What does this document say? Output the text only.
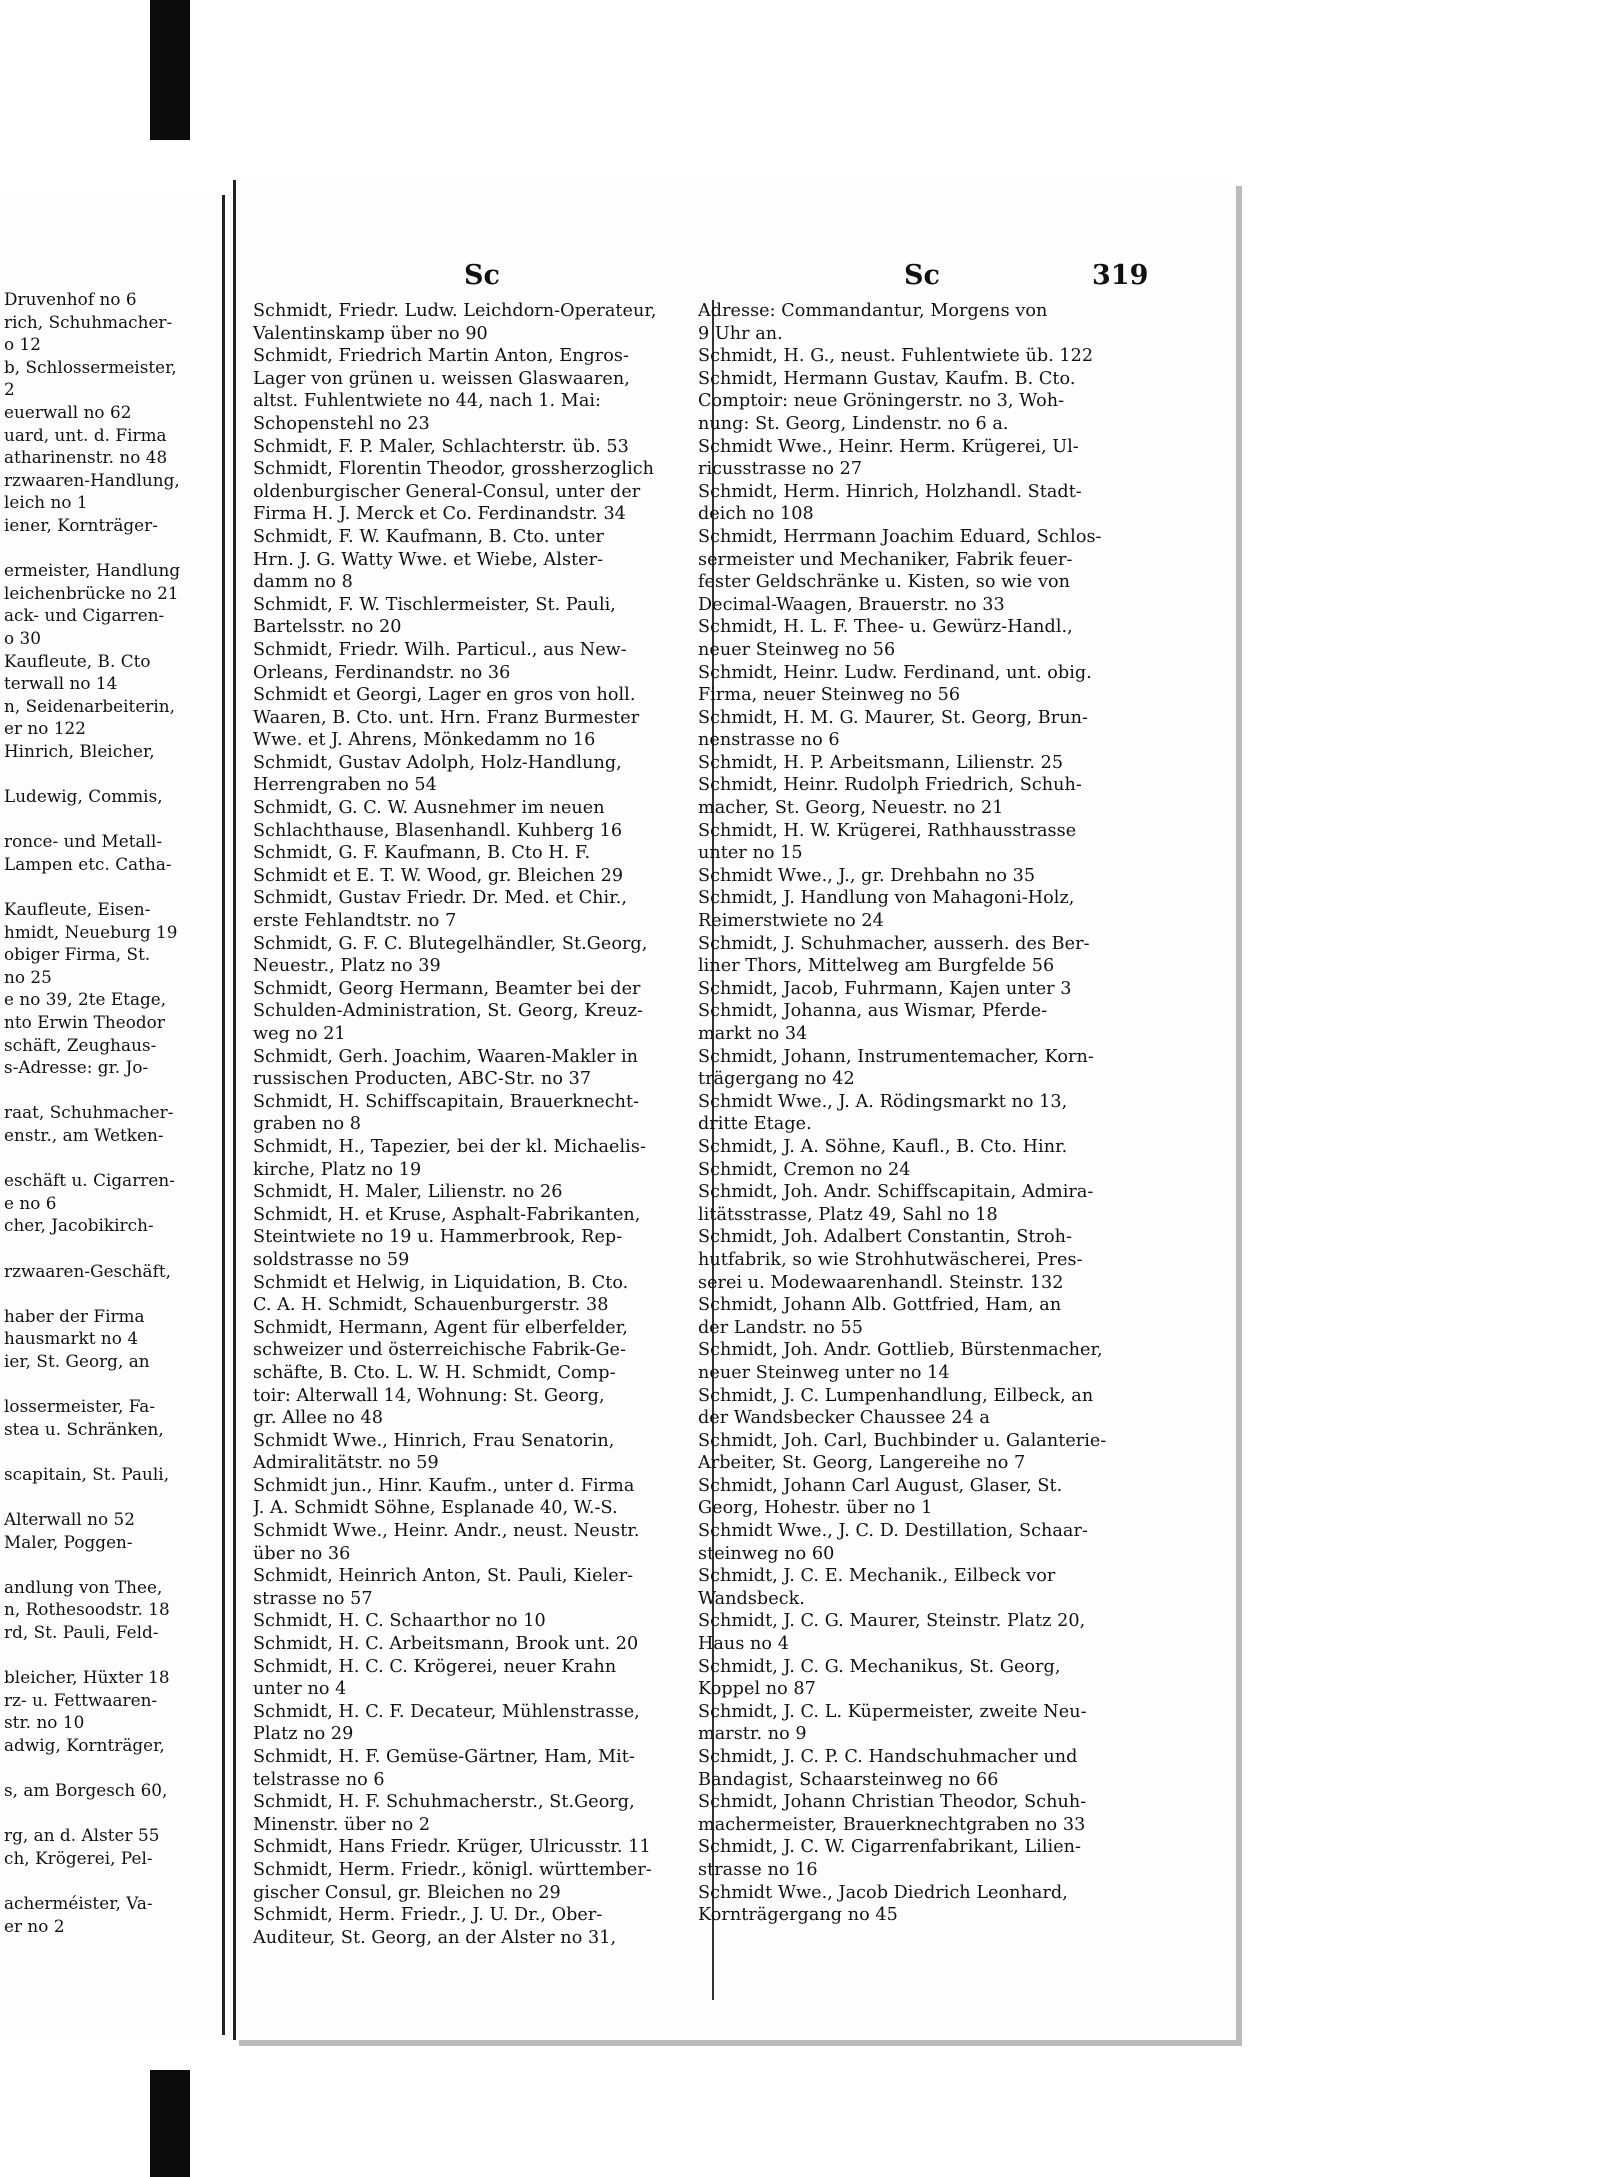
Druvenhof no 6
rich, Schuhmacher-
o 12
b, Schlossermeister,
2
euerwall no 62
uard, unt. d. Firma
atharinenstr. no 48
rzwaaren-Handlung,
leich no 1
iener, Kornträger-
ermeister, Handlung
leichenbrücke no 21
ack- und Cigarren-
o 30
Kaufleute, B. Cto
terwall no 14
n, Seidenarbeiterin,
er no 122
Hinrich, Bleicher,
Ludewig, Commis,
ronce- und Metall-
Lampen etc. Catha-
Kaufleute, Eisen-
hmidt, Neueburg 19
obiger Firma, St.
no 25
e no 39, 2te Etage,
nto Erwin Theodor
schäft, Zeughaus-
s-Adresse: gr. Jo-
raat, Schuhmacher-
enstr., am Wetken-
eschäft u. Cigarren-
e no 6
cher, Jacobikirch-
rzwaaren-Geschäft,
haber der Firma
hausmarkt no 4
ier, St. Georg, an
lossermeister, Fa-
stea u. Schränken,
scapitain, St. Pauli,
Alterwall no 52
Maler, Poggen-
andlung von Thee,
n, Rothesoodstr. 18
rd, St. Pauli, Feld-
bleicher, Hüxter 18
rz- u. Fettwaaren-
str. no 10
adwig, Kornträger,
s, am Borgesch 60,
rg, an d. Alster 55
ch, Krögerei, Pel-
acherméister, Va-
er no 2
Sc	Sc	319
Schmidt, Friedr. Ludw. Leichdorn-Operateur,
Valentinskamp über no 90
Schmidt, Friedrich Martin Anton, Engros-
Lager von grünen u. weissen Glaswaaren,
altst. Fuhlentwiete no 44, nach 1. Mai:
Schopenstehl no 23
Schmidt, F. P. Maler, Schlachterstr. üb. 53
Schmidt, Florentin Theodor, grossherzoglich
oldenburgischer General-Consul, unter der
Firma H. J. Merck et Co. Ferdinandstr. 34
Schmidt, F. W. Kaufmann, B. Cto. unter
Hrn. J. G. Watty Wwe. et Wiebe, Alster-
damm no 8
Schmidt, F. W. Tischlermeister, St. Pauli,
Bartelsstr. no 20
Schmidt, Friedr. Wilh. Particul., aus New-
Orleans, Ferdinandstr. no 36
Schmidt et Georgi, Lager en gros von holl.
Waaren, B. Cto. unt. Hrn. Franz Burmester
Wwe. et J. Ahrens, Mönkedamm no 16
Schmidt, Gustav Adolph, Holz-Handlung,
Herrengraben no 54
Schmidt, G. C. W. Ausnehmer im neuen
Schlachthause, Blasenhandl. Kuhberg 16
Schmidt, G. F. Kaufmann, B. Cto H. F.
Schmidt et E. T. W. Wood, gr. Bleichen 29
Schmidt, Gustav Friedr. Dr. Med. et Chir.,
erste Fehlandtstr. no 7
Schmidt, G. F. C. Blutegelhändler, St.Georg,
Neuestr., Platz no 39
Schmidt, Georg Hermann, Beamter bei der
Schulden-Administration, St. Georg, Kreuz-
weg no 21
Schmidt, Gerh. Joachim, Waaren-Makler in
russischen Producten, ABC-Str. no 37
Schmidt, H. Schiffscapitain, Brauerknecht-
graben no 8
Schmidt, H., Tapezier, bei der kl. Michaelis-
kirche, Platz no 19
Schmidt, H. Maler, Lilienstr. no 26
Schmidt, H. et Kruse, Asphalt-Fabrikanten,
Steintwiete no 19 u. Hammerbrook, Rep-
soldstrasse no 59
Schmidt et Helwig, in Liquidation, B. Cto.
C. A. H. Schmidt, Schauenburgerstr. 38
Schmidt, Hermann, Agent für elberfelder,
schweizer und österreichische Fabrik-Ge-
schäfte, B. Cto. L. W. H. Schmidt, Comp-
toir: Alterwall 14, Wohnung: St. Georg,
gr. Allee no 48
Schmidt Wwe., Hinrich, Frau Senatorin,
Admiralitätstr. no 59
Schmidt jun., Hinr. Kaufm., unter d. Firma
J. A. Schmidt Söhne, Esplanade 40, W.-S.
Schmidt Wwe., Heinr. Andr., neust. Neustr.
über no 36
Schmidt, Heinrich Anton, St. Pauli, Kieler-
strasse no 57
Schmidt, H. C. Schaarthor no 10
Schmidt, H. C. Arbeitsmann, Brook unt. 20
Schmidt, H. C. C. Krögerei, neuer Krahn
unter no 4
Schmidt, H. C. F. Decateur, Mühlenstrasse,
Platz no 29
Schmidt, H. F. Gemüse-Gärtner, Ham, Mit-
telstrasse no 6
Schmidt, H. F. Schuhmacherstr., St.Georg,
Minenstr. über no 2
Schmidt, Hans Friedr. Krüger, Ulricusstr. 11
Schmidt, Herm. Friedr., königl. württember-
gischer Consul, gr. Bleichen no 29
Schmidt, Herm. Friedr., J. U. Dr., Ober-
Auditeur, St. Georg, an der Alster no 31,
Adresse: Commandantur, Morgens von
9 Uhr an.
Schmidt, H. G., neust. Fuhlentwiete üb. 122
Schmidt, Hermann Gustav, Kaufm. B. Cto.
Comptoir: neue Gröningerstr. no 3, Woh-
nung: St. Georg, Lindenstr. no 6 a.
Schmidt Wwe., Heinr. Herm. Krügerei, Ul-
ricusstrasse no 27
Schmidt, Herm. Hinrich, Holzhandl. Stadt-
deich no 108
Schmidt, Herrmann Joachim Eduard, Schlos-
sermeister und Mechaniker, Fabrik feuer-
fester Geldschränke u. Kisten, so wie von
Decimal-Waagen, Brauerstr. no 33
Schmidt, H. L. F. Thee- u. Gewürz-Handl.,
neuer Steinweg no 56
Schmidt, Heinr. Ludw. Ferdinand, unt. obig.
Firma, neuer Steinweg no 56
Schmidt, H. M. G. Maurer, St. Georg, Brun-
nenstrasse no 6
Schmidt, H. P. Arbeitsmann, Lilienstr. 25
Schmidt, Heinr. Rudolph Friedrich, Schuh-
macher, St. Georg, Neuestr. no 21
Schmidt, H. W. Krügerei, Rathhausstrasse
unter no 15
Schmidt Wwe., J., gr. Drehbahn no 35
Schmidt, J. Handlung von Mahagoni-Holz,
Reimerstwiete no 24
Schmidt, J. Schuhmacher, ausserh. des Ber-
liner Thors, Mittelweg am Burgfelde 56
Schmidt, Jacob, Fuhrmann, Kajen unter 3
Schmidt, Johanna, aus Wismar, Pferde-
markt no 34
Schmidt, Johann, Instrumentemacher, Korn-
trägergang no 42
Schmidt Wwe., J. A. Rödingsmarkt no 13,
dritte Etage.
Schmidt, J. A. Söhne, Kaufl., B. Cto. Hinr.
Schmidt, Cremon no 24
Schmidt, Joh. Andr. Schiffscapitain, Admira-
litätsstrasse, Platz 49, Sahl no 18
Schmidt, Joh. Adalbert Constantin, Stroh-
hutfabrik, so wie Strohhutwäscherei, Pres-
serei u. Modewaarenhandl. Steinstr. 132
Schmidt, Johann Alb. Gottfried, Ham, an
der Landstr. no 55
Schmidt, Joh. Andr. Gottlieb, Bürstenmacher,
neuer Steinweg unter no 14
Schmidt, J. C. Lumpenhandlung, Eilbeck, an
der Wandsbecker Chaussee 24 a
Schmidt, Joh. Carl, Buchbinder u. Galanterie-
Arbeiter, St. Georg, Langereihe no 7
Schmidt, Johann Carl August, Glaser, St.
Georg, Hohestr. über no 1
Schmidt Wwe., J. C. D. Destillation, Schaar-
steinweg no 60
Schmidt, J. C. E. Mechanik., Eilbeck vor
Wandsbeck.
Schmidt, J. C. G. Maurer, Steinstr. Platz 20,
Haus no 4
Schmidt, J. C. G. Mechanikus, St. Georg,
Koppel no 87
Schmidt, J. C. L. Küpermeister, zweite Neu-
marstr. no 9
Schmidt, J. C. P. C. Handschuhmacher und
Bandagist, Schaarsteinweg no 66
Schmidt, Johann Christian Theodor, Schuh-
machermeister, Brauerknechtgraben no 33
Schmidt, J. C. W. Cigarrenfabrikant, Lilien-
strasse no 16
Schmidt Wwe., Jacob Diedrich Leonhard,
Kornträgergang no 45
